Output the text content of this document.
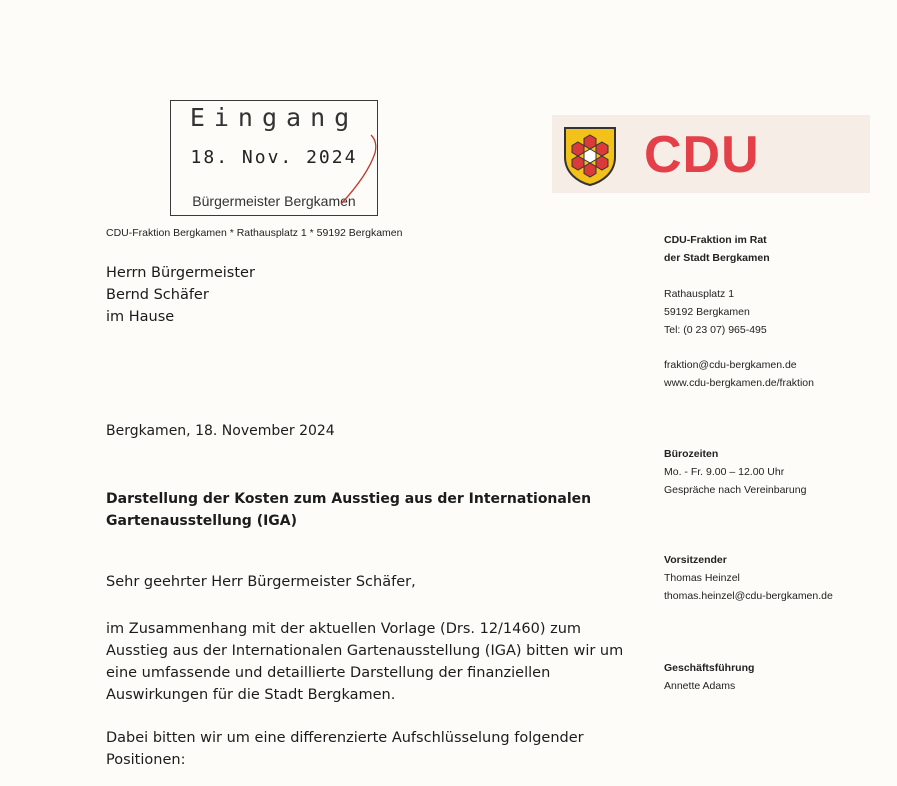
Eingang
18. Nov. 2024
Bürgermeister Bergkamen
CDU-Fraktion Bergkamen * Rathausplatz 1 * 59192 Bergkamen
Herrn Bürgermeister
Bernd Schäfer
im Hause
CDU
CDU-Fraktion im Rat
der Stadt Bergkamen
Rathausplatz 1
59192 Bergkamen
Tel: (0 23 07) 965-495
fraktion@cdu-bergkamen.de
www.cdu-bergkamen.de/fraktion
Bürozeiten
Mo. - Fr. 9.00 – 12.00 Uhr
Gespräche nach Vereinbarung
Vorsitzender
Thomas Heinzel
thomas.heinzel@cdu-bergkamen.de
Geschäftsführung
Annette Adams
Bergkamen, 18. November 2024
Darstellung der Kosten zum Ausstieg aus der Internationalen
Gartenausstellung (IGA)
Sehr geehrter Herr Bürgermeister Schäfer,
im Zusammenhang mit der aktuellen Vorlage (Drs. 12/1460) zum
Ausstieg aus der Internationalen Gartenausstellung (IGA) bitten wir um
eine umfassende und detaillierte Darstellung der finanziellen
Auswirkungen für die Stadt Bergkamen.
Dabei bitten wir um eine differenzierte Aufschlüsselung folgender
Positionen:
